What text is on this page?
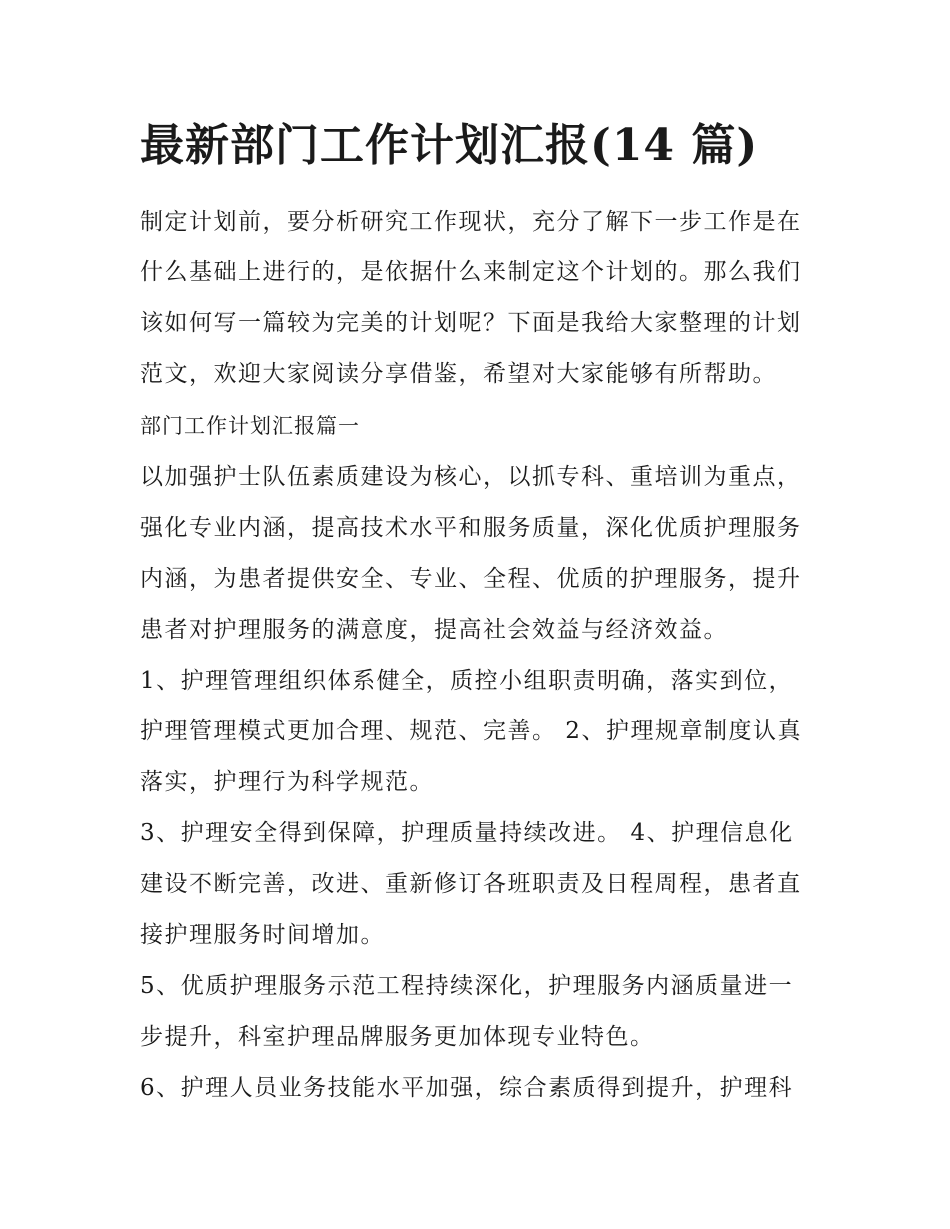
最新部门工作计划汇报(14 篇)

制定计划前，要分析研究工作现状，充分了解下一步工作是在

什么基础上进行的，是依据什么来制定这个计划的。那么我们

该如何写一篇较为完美的计划呢？下面是我给大家整理的计划

范文，欢迎大家阅读分享借鉴，希望对大家能够有所帮助。

部门工作计划汇报篇一

以加强护士队伍素质建设为核心，以抓专科、重培训为重点，

强化专业内涵，提高技术水平和服务质量，深化优质护理服务

内涵，为患者提供安全、专业、全程、优质的护理服务，提升

患者对护理服务的满意度，提高社会效益与经济效益。

1、护理管理组织体系健全，质控小组职责明确，落实到位，

护理管理模式更加合理、规范、完善。 2、护理规章制度认真

落实，护理行为科学规范。

3、护理安全得到保障，护理质量持续改进。 4、护理信息化

建设不断完善，改进、重新修订各班职责及日程周程，患者直

接护理服务时间增加。

5、优质护理服务示范工程持续深化，护理服务内涵质量进一

步提升，科室护理品牌服务更加体现专业特色。

6、护理人员业务技能水平加强，综合素质得到提升，护理科
